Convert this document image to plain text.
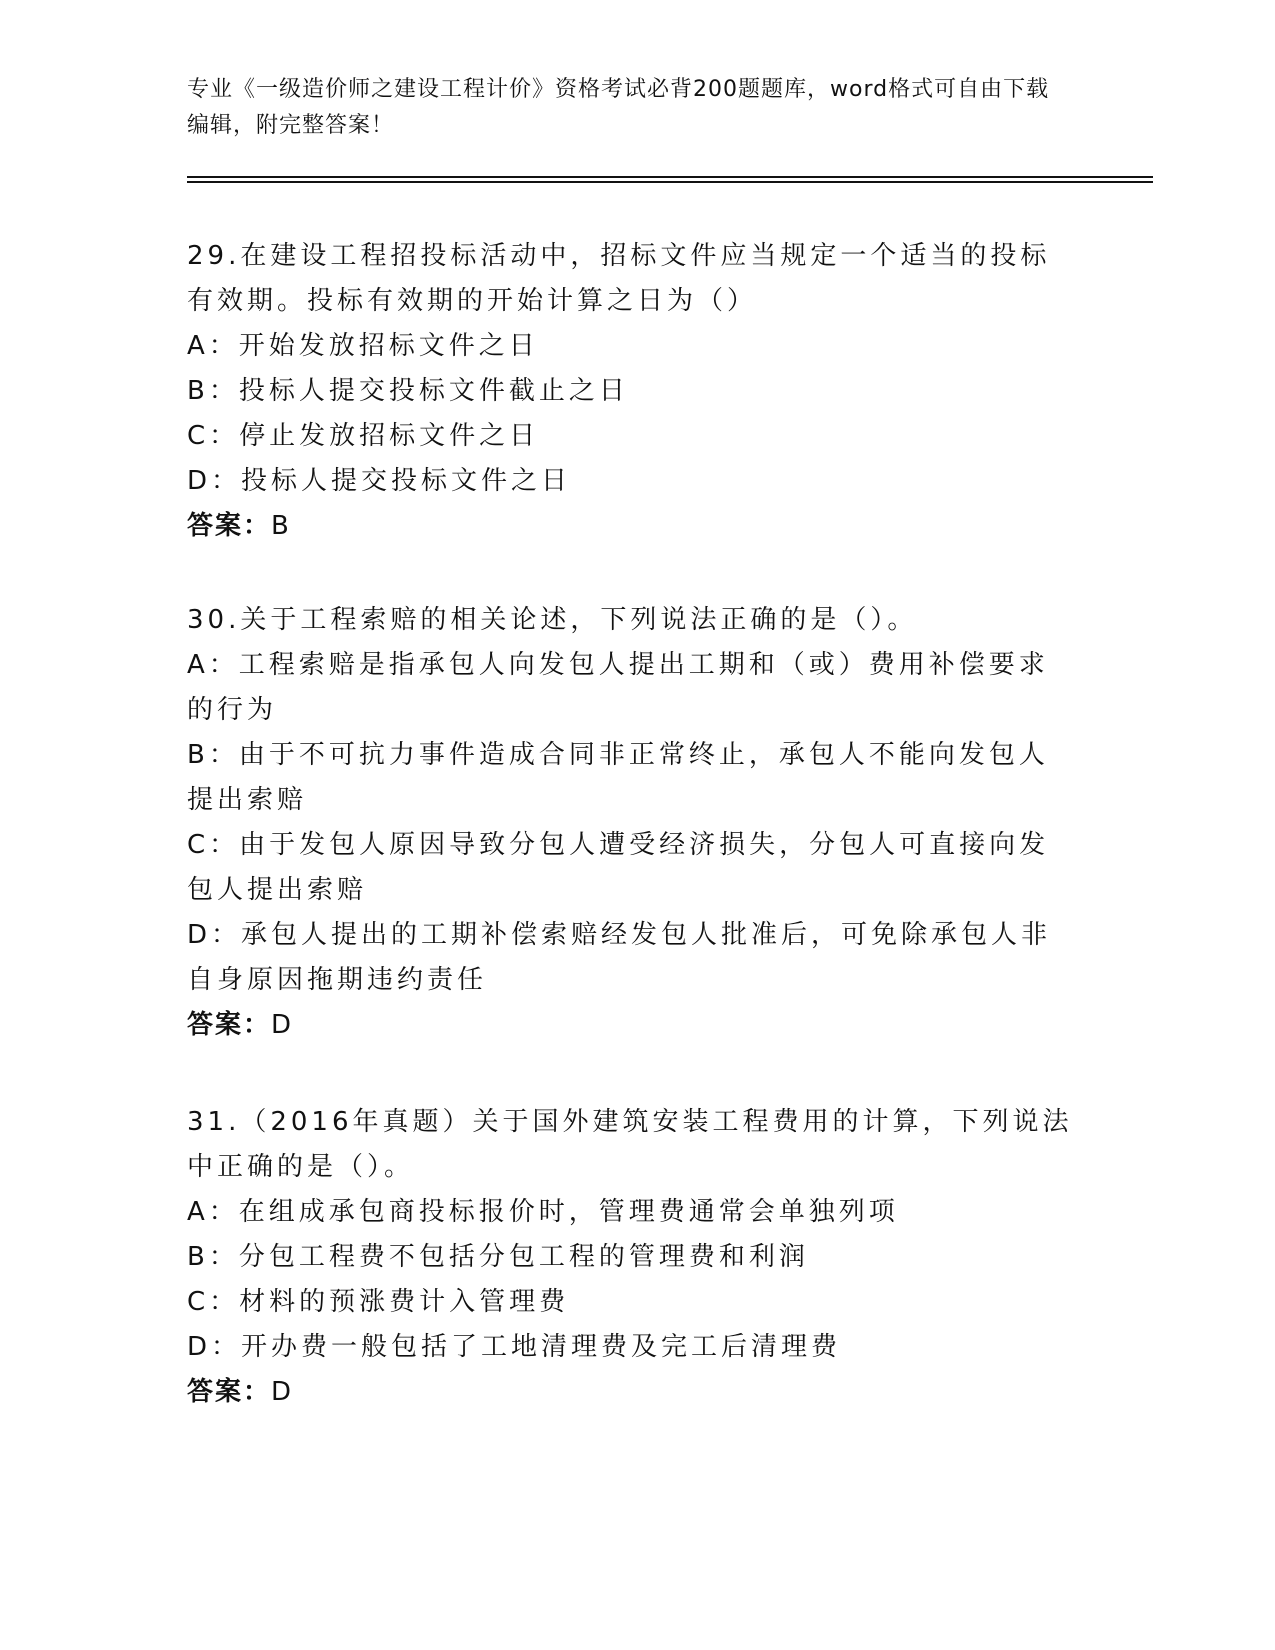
专业《一级造价师之建设工程计价》资格考试必背200题题库，word格式可自由下载编辑，附完整答案！
29.在建设工程招投标活动中，招标文件应当规定一个适当的投标有效期。投标有效期的开始计算之日为（）
A：开始发放招标文件之日
B：投标人提交投标文件截止之日
C：停止发放招标文件之日
D：投标人提交投标文件之日
答案：B
30.关于工程索赔的相关论述，下列说法正确的是（）。
A：工程索赔是指承包人向发包人提出工期和（或）费用补偿要求的行为
B：由于不可抗力事件造成合同非正常终止，承包人不能向发包人提出索赔
C：由于发包人原因导致分包人遭受经济损失，分包人可直接向发包人提出索赔
D：承包人提出的工期补偿索赔经发包人批准后，可免除承包人非自身原因拖期违约责任
答案：D
31.（2016年真题）关于国外建筑安装工程费用的计算，下列说法中正确的是（）。
A：在组成承包商投标报价时，管理费通常会单独列项
B：分包工程费不包括分包工程的管理费和利润
C：材料的预涨费计入管理费
D：开办费一般包括了工地清理费及完工后清理费
答案：D
